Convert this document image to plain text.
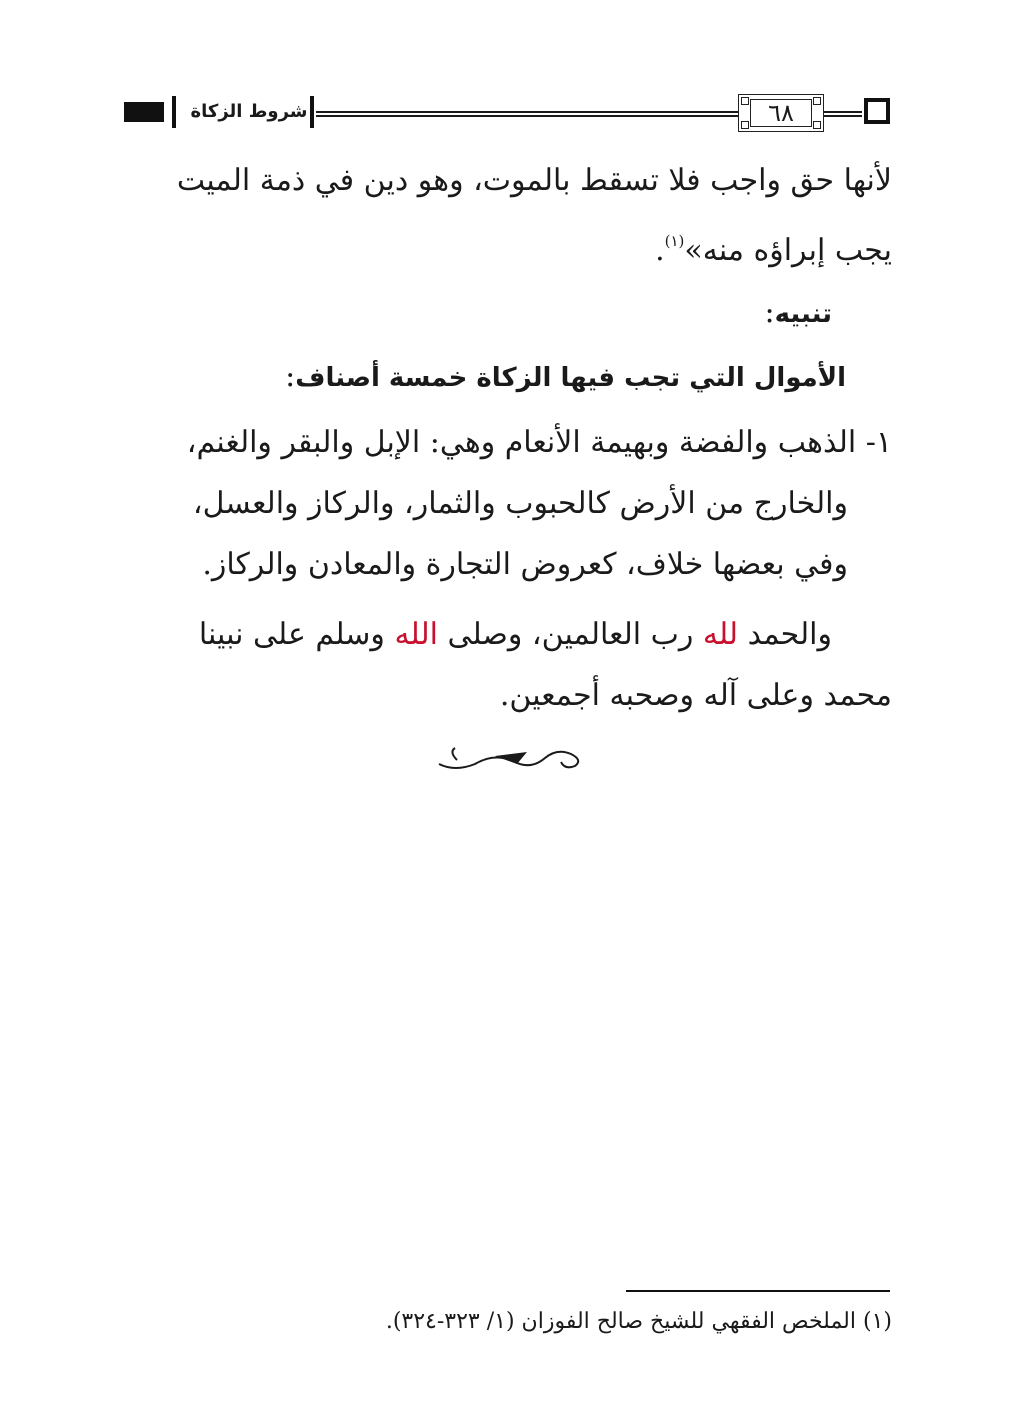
شروط الزكاة	٦٨
لأنها حق واجب فلا تسقط بالموت، وهو دين في ذمة الميت
يجب إبراؤه منه»$^{(١)}$.
تنبيه:
الأموال التي تجب فيها الزكاة خمسة أصناف:
١- الذهب والفضة وبهيمة الأنعام وهي: الإبل والبقر والغنم،
والخارج من الأرض كالحبوب والثمار، والركاز والعسل،
وفي بعضها خلاف، كعروض التجارة والمعادن والركاز.
والحمد لله رب العالمين، وصلى الله وسلم على نبينا
محمد وعلى آله وصحبه أجمعين.
(١) الملخص الفقهي للشيخ صالح الفوزان (١/ ٣٢٣-٣٢٤).
